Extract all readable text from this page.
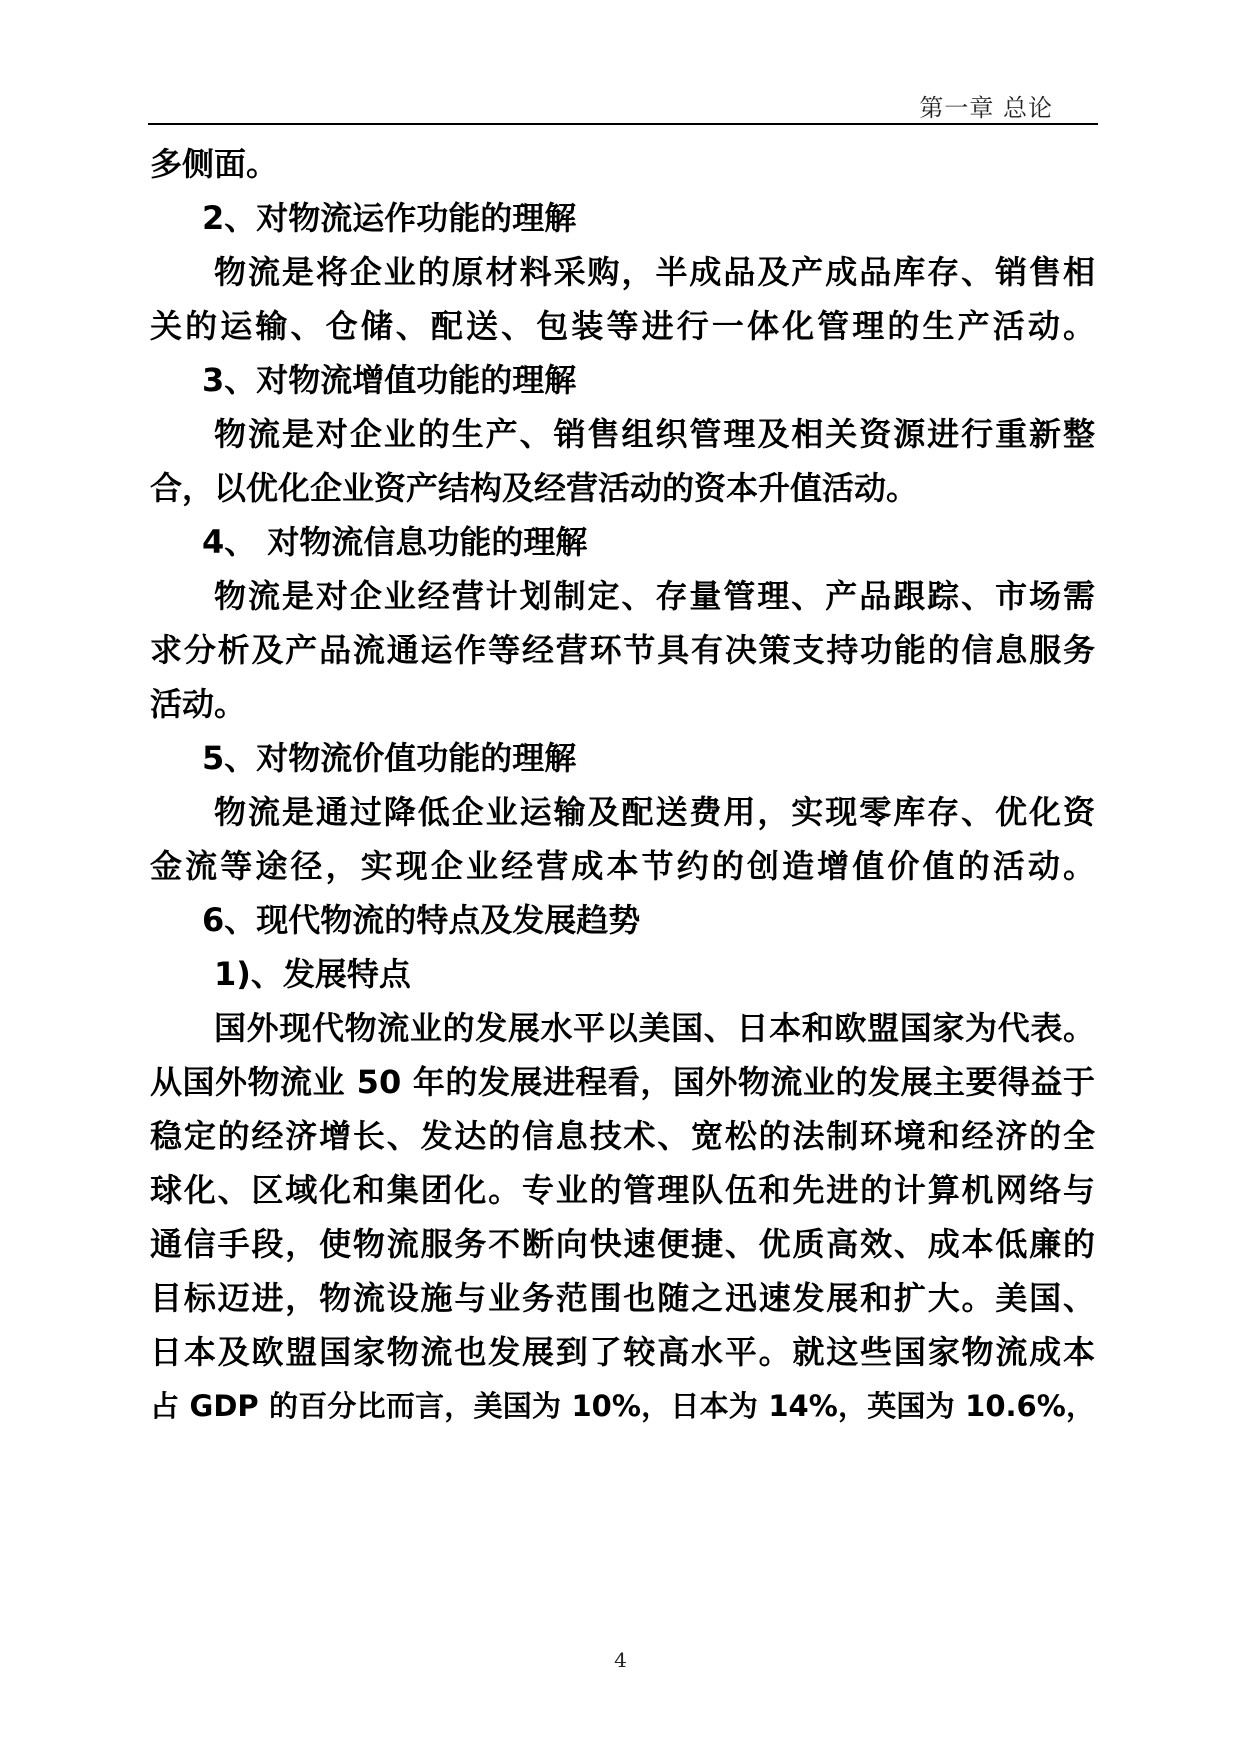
第一章 总论

多侧面。

2、对物流运作功能的理解

物流是将企业的原材料采购，半成品及产成品库存、销售相

关的运输、仓储、配送、包装等进行一体化管理的生产活动。

3、对物流增值功能的理解

物流是对企业的生产、销售组织管理及相关资源进行重新整

合，以优化企业资产结构及经营活动的资本升值活动。

4、 对物流信息功能的理解

物流是对企业经营计划制定、存量管理、产品跟踪、市场需

求分析及产品流通运作等经营环节具有决策支持功能的信息服务

活动。

5、对物流价值功能的理解

物流是通过降低企业运输及配送费用，实现零库存、优化资

金流等途径，实现企业经营成本节约的创造增值价值的活动。

6、现代物流的特点及发展趋势

1)、发展特点

国外现代物流业的发展水平以美国、日本和欧盟国家为代表。

从国外物流业 50 年的发展进程看，国外物流业的发展主要得益于

稳定的经济增长、发达的信息技术、宽松的法制环境和经济的全

球化、区域化和集团化。专业的管理队伍和先进的计算机网络与

通信手段，使物流服务不断向快速便捷、优质高效、成本低廉的

目标迈进，物流设施与业务范围也随之迅速发展和扩大。美国、

日本及欧盟国家物流也发展到了较高水平。就这些国家物流成本

占 GDP 的百分比而言，美国为 10%，日本为 14%，英国为 10.6%，

4
